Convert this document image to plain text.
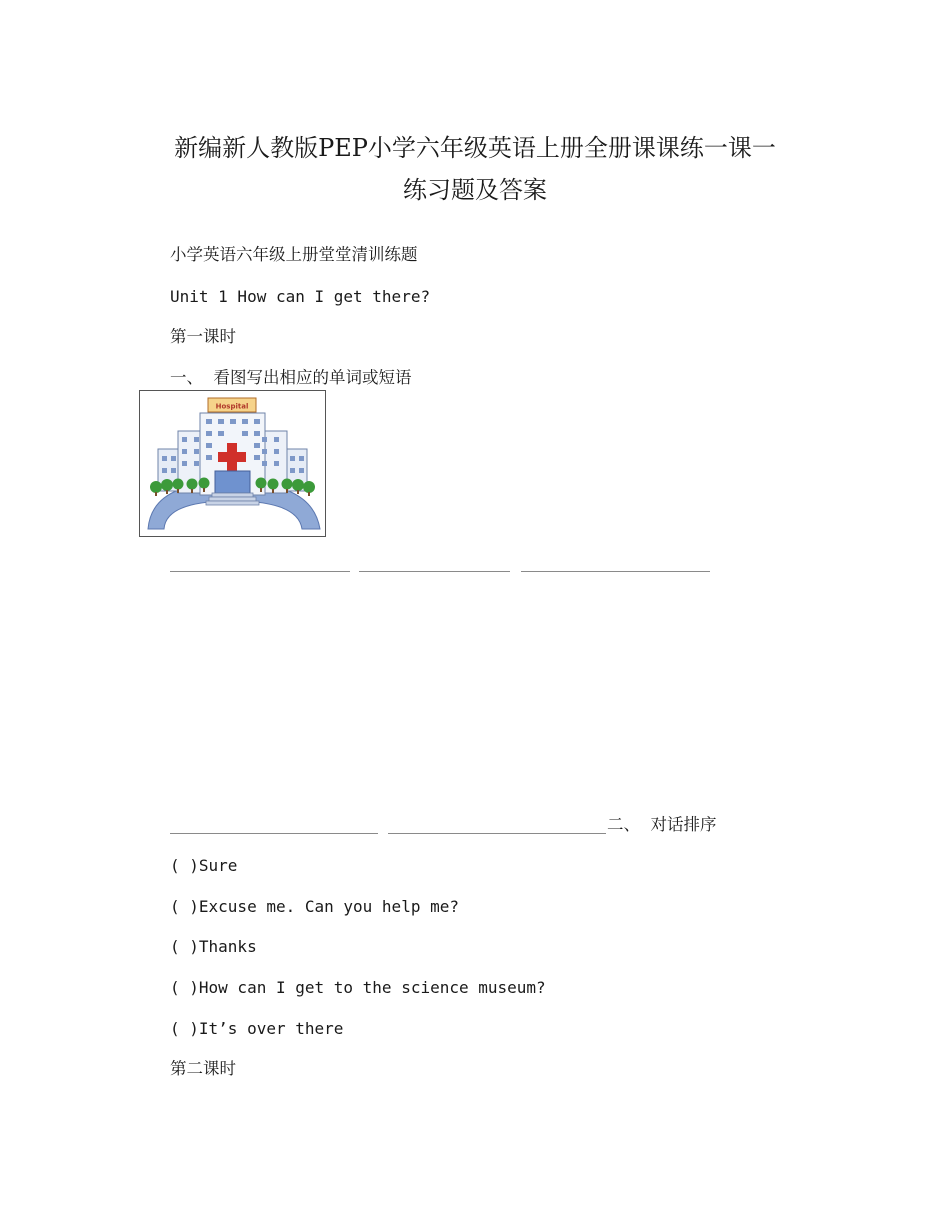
新编新人教版PEP小学六年级英语上册全册课课练一课一
练习题及答案
小学英语六年级上册堂堂清训练题
Unit 1 How can I get there?
第一课时
一、  看图写出相应的单词或短语
Hospital
二、  对话排序
( )Sure
( )Excuse me. Can you help me?
( )Thanks
( )How can I get to the science museum?
( )It’s over there
第二课时
